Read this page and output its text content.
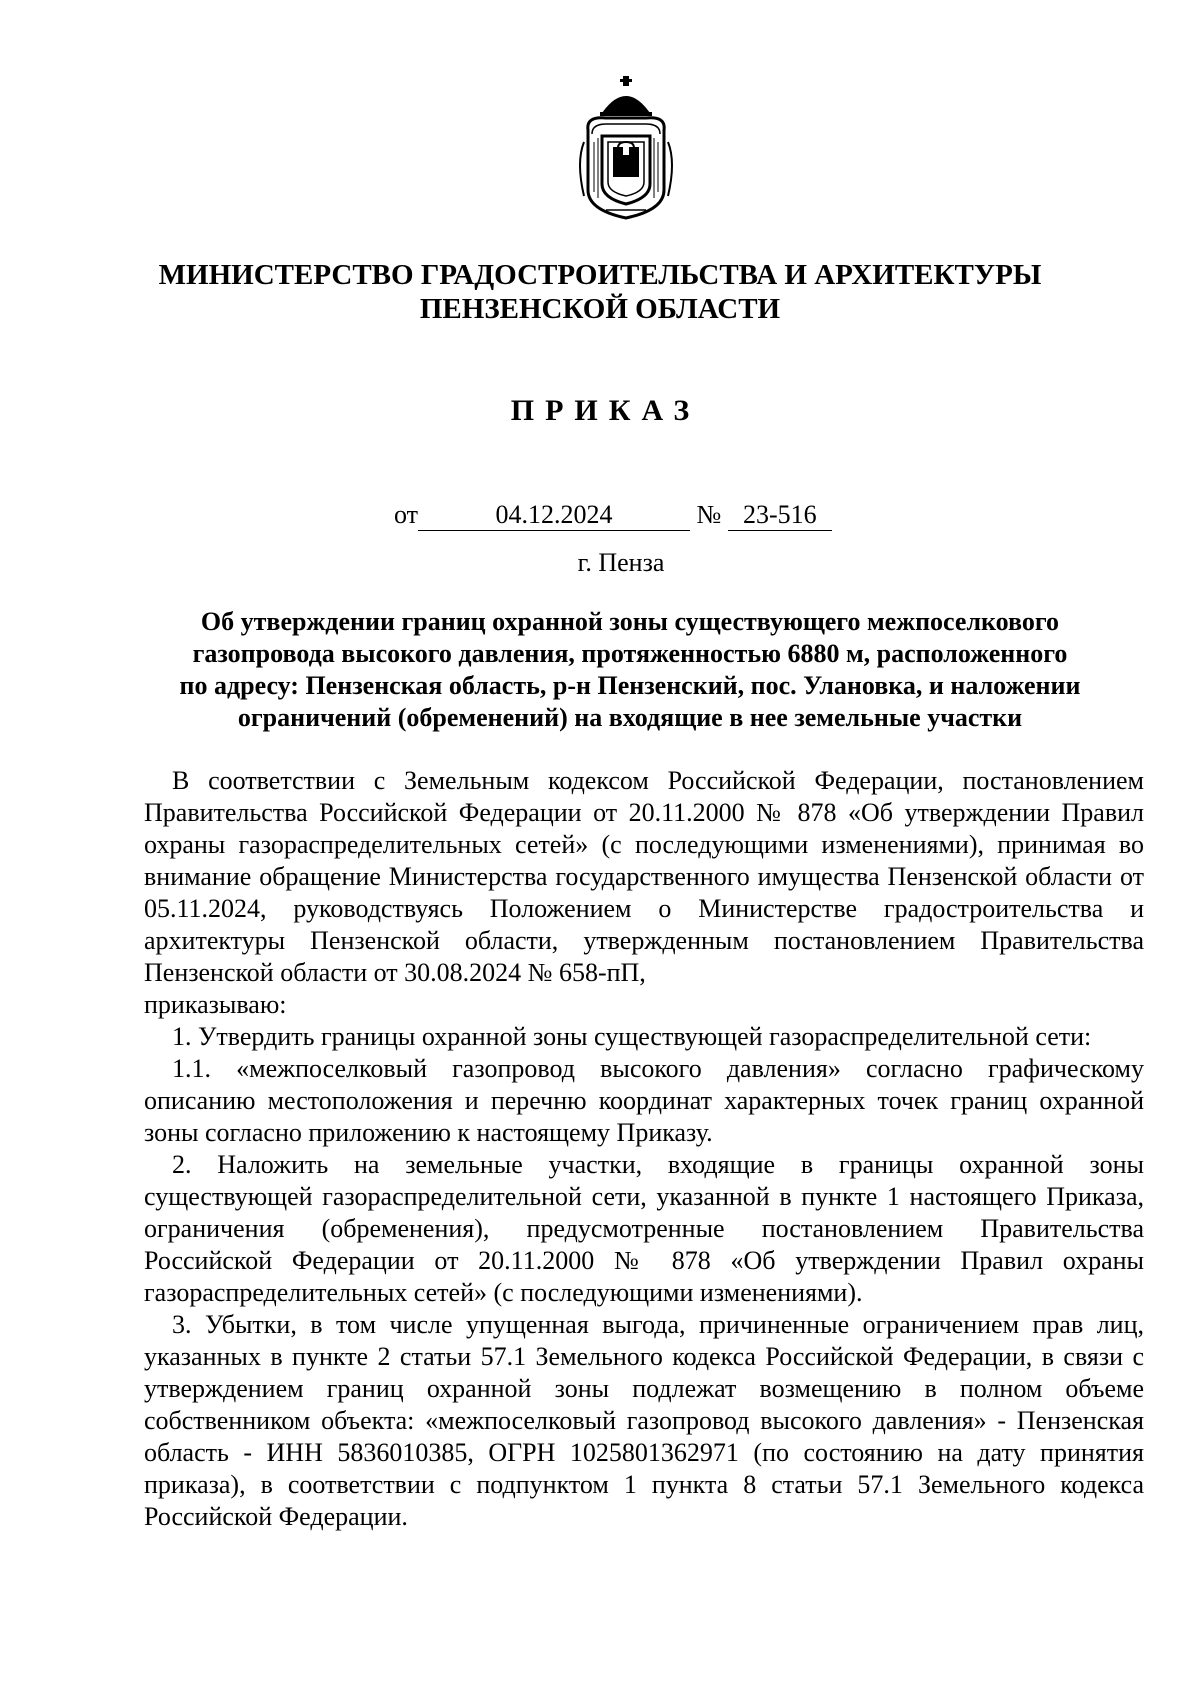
МИНИСТЕРСТВО ГРАДОСТРОИТЕЛЬСТВА И АРХИТЕКТУРЫ
ПЕНЗЕНСКОЙ ОБЛАСТИ
ПРИКАЗ
от	04.12.2024	№ 23-516
г. Пенза
Об утверждении границ охранной зоны существующего межпоселкового
газопровода высокого давления, протяженностью 6880 м, расположенного
по адресу: Пензенская область, р-н Пензенский, пос. Улановка, и наложении
ограничений (обременений) на входящие в нее земельные участки

В соответствии с Земельным кодексом Российской Федерации, постановлением Правительства Российской Федерации от 20.11.2000 № 878 «Об утверждении Правил охраны газораспределительных сетей» (с последующими изменениями), принимая во внимание обращение Министерства государственного имущества Пензенской области от 05.11.2024, руководствуясь Положением о Министерстве градостроительства и архитектуры Пензенской области, утвержденным постановлением Правительства Пензенской области от 30.08.2024 № 658-пП,

приказываю:

1. Утвердить границы охранной зоны существующей газораспределительной сети:

1.1. «межпоселковый газопровод высокого давления» согласно графическому описанию местоположения и перечню координат характерных точек границ охранной зоны согласно приложению к настоящему Приказу.

2. Наложить на земельные участки, входящие в границы охранной зоны существующей газораспределительной сети, указанной в пункте 1 настоящего Приказа, ограничения (обременения), предусмотренные постановлением Правительства Российской Федерации от 20.11.2000 № 878 «Об утверждении Правил охраны газораспределительных сетей» (с последующими изменениями).

3. Убытки, в том числе упущенная выгода, причиненные ограничением прав лиц, указанных в пункте 2 статьи 57.1 Земельного кодекса Российской Федерации, в связи с утверждением границ охранной зоны подлежат возмещению в полном объеме собственником объекта: «межпоселковый газопровод высокого давления» - Пензенская область - ИНН 5836010385, ОГРН 1025801362971 (по состоянию на дату принятия приказа), в соответствии с подпунктом 1 пункта 8 статьи 57.1 Земельного кодекса Российской Федерации.
